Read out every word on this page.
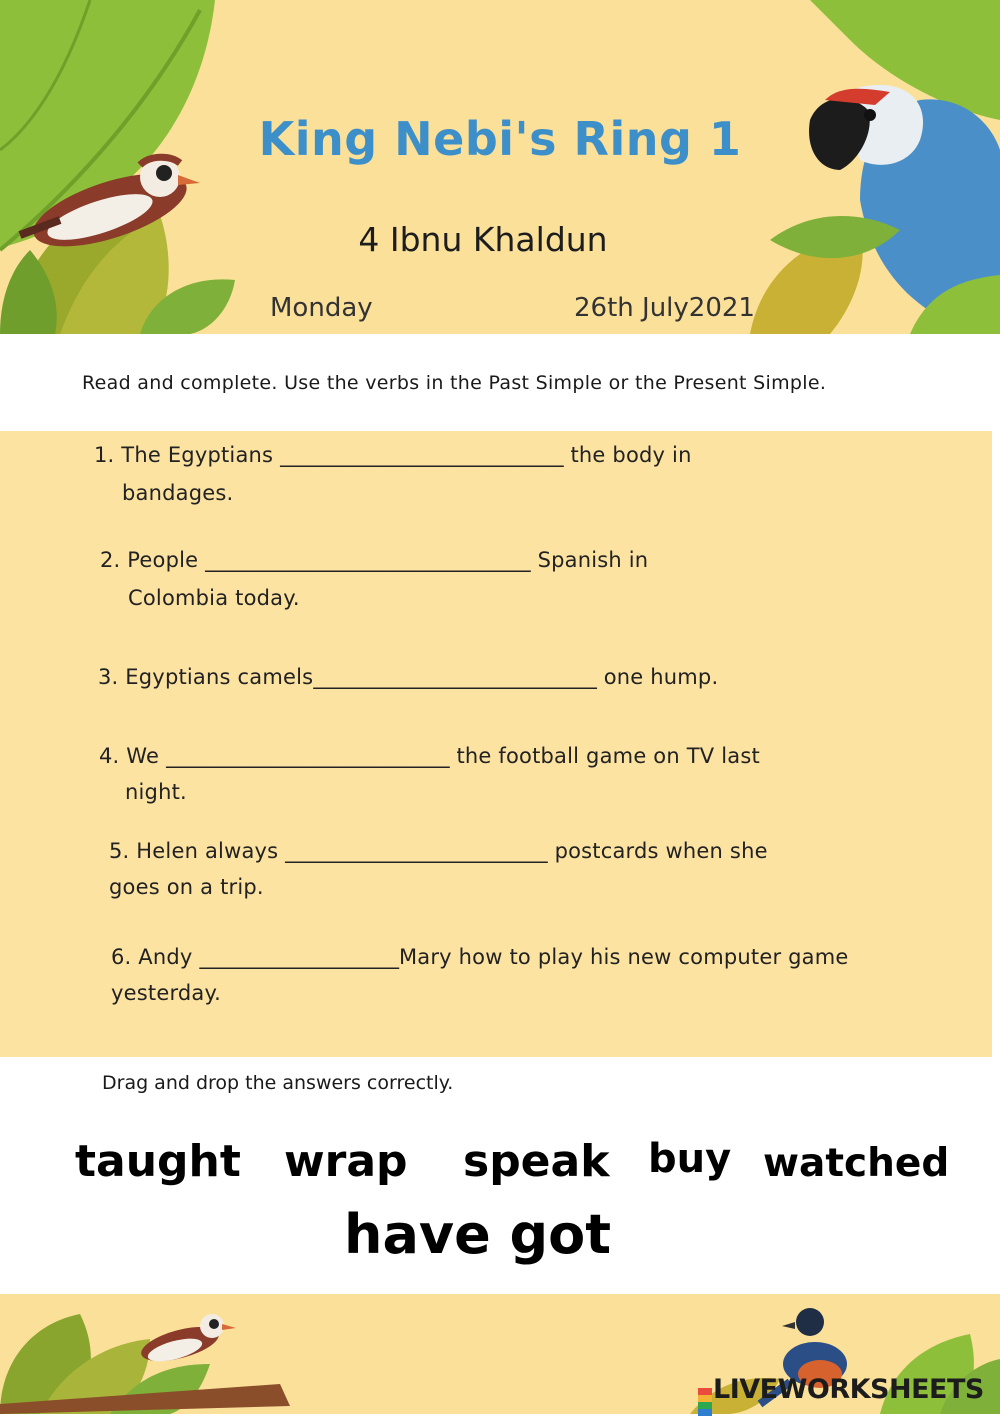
King Nebi's Ring 1
4 Ibnu Khaldun
Monday	26th July2021
Read and complete. Use the verbs in the Past Simple or the Present Simple.
1. The Egyptians ___________________________ the body in
bandages.
2. People _______________________________ Spanish in
Colombia today.
3. Egyptians camels___________________________ one hump.
4. We ___________________________ the football game on TV last
night.
5. Helen always _________________________ postcards when she
goes on a trip.
6. Andy ___________________Mary how to play his new computer game
yesterday.
Drag and drop the answers correctly.
taught wrap speak buy watched
have got
LIVEWORKSHEETS
